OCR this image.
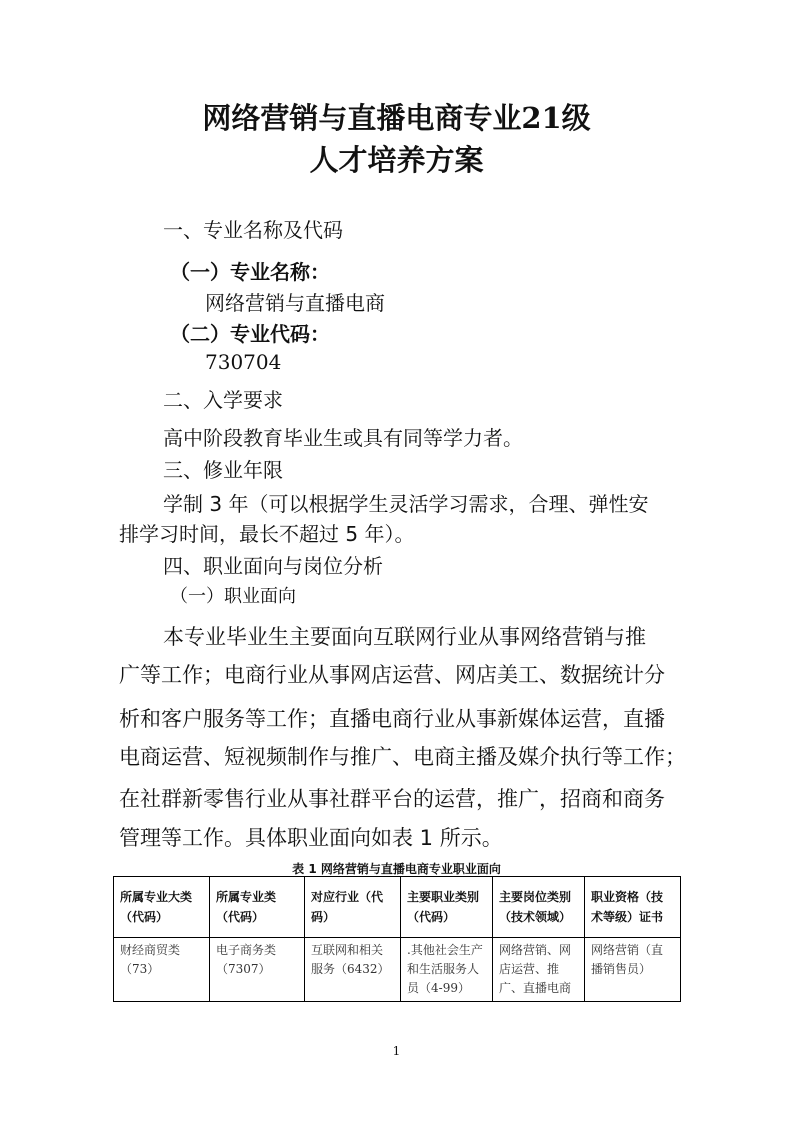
网络营销与直播电商专业21级
人才培养方案
一、专业名称及代码
（一）专业名称：
网络营销与直播电商
（二）专业代码：
730704
二、入学要求
高中阶段教育毕业生或具有同等学力者。
三、修业年限
学制 3 年（可以根据学生灵活学习需求，合理、弹性安
排学习时间，最长不超过 5 年）。
四、职业面向与岗位分析
（一）职业面向
本专业毕业生主要面向互联网行业从事网络营销与推
广等工作；电商行业从事网店运营、网店美工、数据统计分
析和客户服务等工作；直播电商行业从事新媒体运营，直播
电商运营、短视频制作与推广、电商主播及媒介执行等工作；
在社群新零售行业从事社群平台的运营，推广，招商和商务
管理等工作。具体职业面向如表 1 所示。
表 1 网络营销与直播电商专业职业面向
所属专业大类（代码）	所属专业类（代码）	对应行业（代码）	主要职业类别（代码）	主要岗位类别（技术领域）	职业资格（技术等级）证书
财经商贸类（73）	电子商务类（7307）	互联网和相关服务（6432）	.其他社会生产和生活服务人员（4-99）	网络营销、网店运营、推广、直播电商	网络营销（直播销售员）
1
